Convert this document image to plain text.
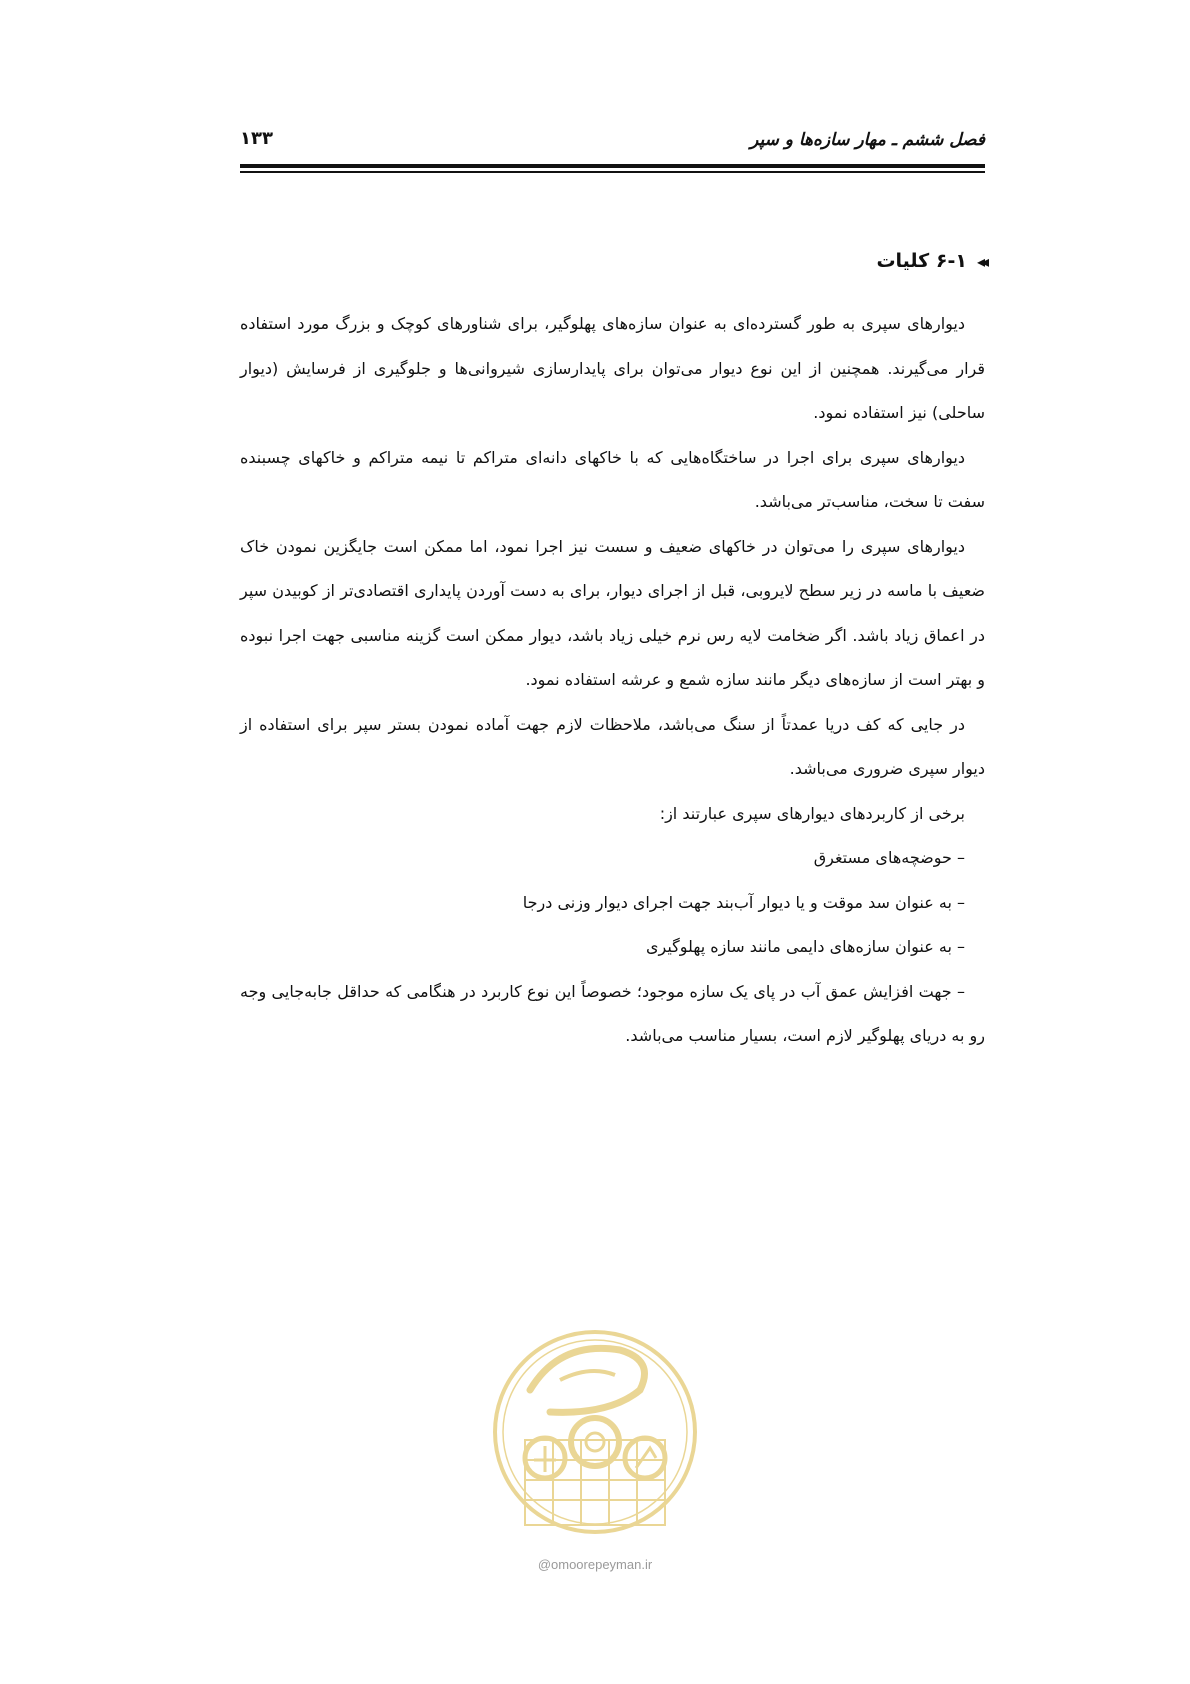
فصل ششم ـ مهار سازه‌ها و سپر
۱۳۳
◂◂
۶-۱ کلیات

دیوارهای سپری به طور گسترده‌ای به عنوان سازه‌های پهلوگیر، برای شناورهای کوچک و بزرگ مورد استفاده قرار می‌گیرند. همچنین از این نوع دیوار می‌توان برای پایدارسازی شیروانی‌ها و جلوگیری از فرسایش (دیوار ساحلی) نیز استفاده نمود.

دیوارهای سپری برای اجرا در ساختگاه‌هایی که با خاکهای دانه‌ای متراکم تا نیمه متراکم و خاکهای چسبنده سفت تا سخت، مناسب‌تر می‌باشد.

دیوارهای سپری را می‌توان در خاکهای ضعیف و سست نیز اجرا نمود، اما ممکن است جایگزین نمودن خاک ضعیف با ماسه در زیر سطح لایروبی، قبل از اجرای دیوار، برای به دست آوردن پایداری اقتصادی‌تر از کوبیدن سپر در اعماق زیاد باشد. اگر ضخامت لایه رس نرم خیلی زیاد باشد، دیوار ممکن است گزینه مناسبی جهت اجرا نبوده و بهتر است از سازه‌های دیگر مانند سازه شمع و عرشه استفاده نمود.

در جایی که کف دریا عمدتاً از سنگ می‌باشد، ملاحظات لازم جهت آماده نمودن بستر سپر برای استفاده از دیوار سپری ضروری می‌باشد.

برخی از کاربردهای دیوارهای سپری عبارتند از:

– حوضچه‌های مستغرق

– به عنوان سد موقت و یا دیوار آب‌بند جهت اجرای دیوار وزنی درجا

– به عنوان سازه‌های دایمی مانند سازه پهلوگیری

– جهت افزایش عمق آب در پای یک سازه موجود؛ خصوصاً این نوع کاربرد در هنگامی که حداقل جابه‌جایی وجه رو به دریای پهلوگیر لازم است، بسیار مناسب می‌باشد.

@omoorepeyman.ir
